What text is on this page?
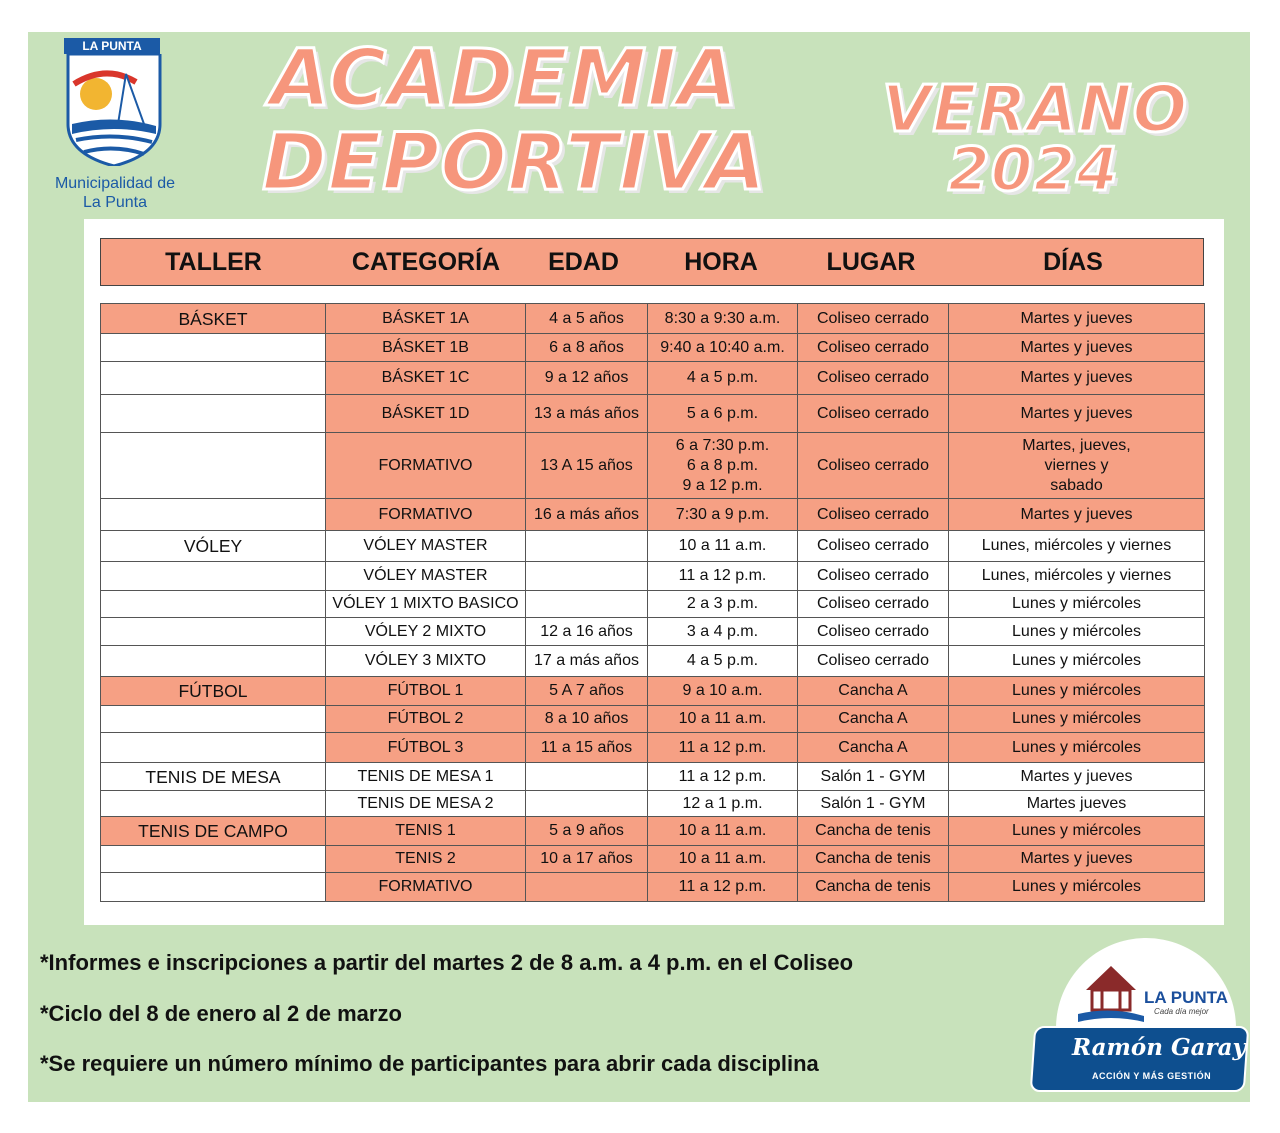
LA PUNTA
Municipalidad de
La Punta
ACADEMIA
DEPORTIVA
VERANO
2024
TALLER	CATEGORÍA	EDAD	HORA	LUGAR	DÍAS
BÁSKET	BÁSKET 1A	4 a 5 años	8:30 a 9:30 a.m.	Coliseo cerrado	Martes y jueves
	BÁSKET 1B	6 a 8 años	9:40 a 10:40 a.m.	Coliseo cerrado	Martes y jueves
	BÁSKET 1C	9 a 12 años	4 a 5 p.m.	Coliseo cerrado	Martes y jueves
	BÁSKET 1D	13 a más años	5 a 6 p.m.	Coliseo cerrado	Martes y jueves
	FORMATIVO	13 A 15 años	6 a 7:30 p.m.
6 a 8 p.m.
9 a 12 p.m.	Coliseo cerrado	Martes, jueves,
viernes y
sabado
	FORMATIVO	16 a más años	7:30 a 9 p.m.	Coliseo cerrado	Martes y jueves
VÓLEY	VÓLEY MASTER		10 a 11 a.m.	Coliseo cerrado	Lunes, miércoles y viernes
	VÓLEY MASTER		11 a 12 p.m.	Coliseo cerrado	Lunes, miércoles y viernes
	VÓLEY 1 MIXTO BASICO		2 a 3 p.m.	Coliseo cerrado	Lunes y miércoles
	VÓLEY 2 MIXTO	12 a 16 años	3 a 4 p.m.	Coliseo cerrado	Lunes y miércoles
	VÓLEY 3 MIXTO	17 a más años	4 a 5 p.m.	Coliseo cerrado	Lunes y miércoles
FÚTBOL	FÚTBOL 1	5 A 7 años	9 a 10 a.m.	Cancha A	Lunes y miércoles
	FÚTBOL 2	8 a 10 años	10 a 11 a.m.	Cancha A	Lunes y miércoles
	FÚTBOL 3	11 a 15 años	11 a 12 p.m.	Cancha A	Lunes y miércoles
TENIS DE MESA	TENIS DE MESA 1		11 a 12 p.m.	Salón 1 - GYM	Martes y jueves
	TENIS DE MESA 2		12 a 1 p.m.	Salón 1 - GYM	Martes jueves
TENIS DE CAMPO	TENIS 1	5 a 9 años	10 a 11 a.m.	Cancha de tenis	Lunes y miércoles
	TENIS 2	10 a 17 años	10 a 11 a.m.	Cancha de tenis	Martes y jueves
	FORMATIVO		11 a 12 p.m.	Cancha de tenis	Lunes y miércoles
*Informes e inscripciones a partir del martes 2 de 8 a.m. a 4 p.m. en el Coliseo
*Ciclo del 8 de enero al 2 de marzo
*Se requiere un número mínimo de participantes para abrir cada disciplina
LA PUNTA
Cada día mejor
Ramón Garay
ACCIÓN Y MÁS GESTIÓN
